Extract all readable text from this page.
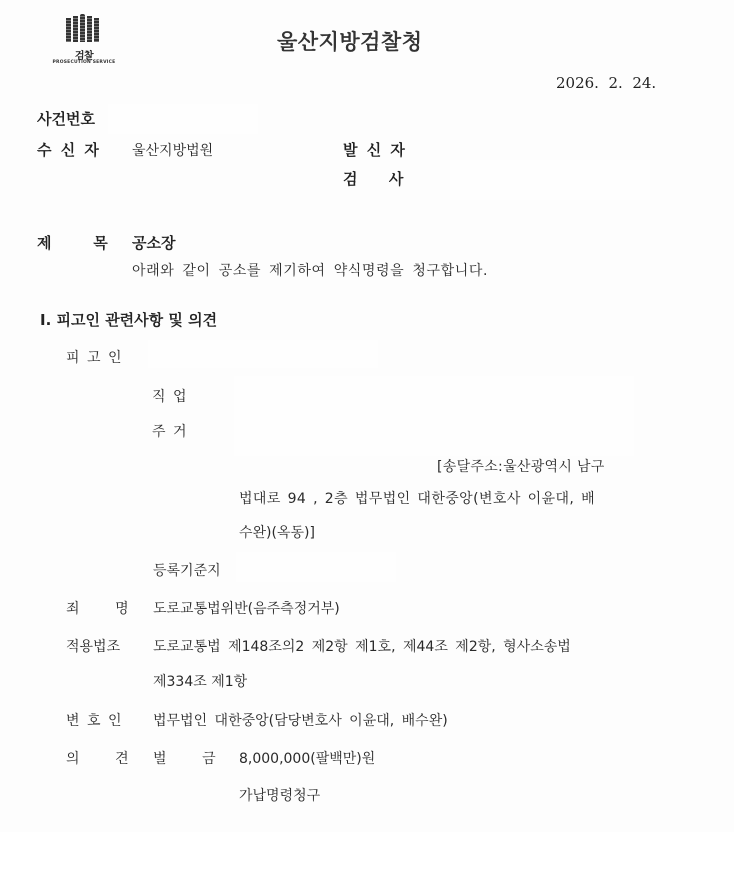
검찰
PROSECUTION SERVICE
울산지방검찰청
2026.  2.  24.
사건번호
수 신 자 울산지방법원	발 신 자
검      사
제        목 공소장
아래와 같이 공소를 제기하여 약식명령을 청구합니다.
Ⅰ. 피고인 관련사항 및 의견
피 고 인
직 업
주 거
[송달주소:울산광역시 남구
법대로 94 , 2층 법무법인 대한중앙(변호사 이윤대, 배
수완)(옥동)]
등록기준지
죄        명 도로교통법위반(음주측정거부)
적용법조 도로교통법 제148조의2 제2항 제1호, 제44조 제2항, 형사소송법
제334조 제1항
변 호 인 법무법인 대한중앙(담당변호사 이윤대, 배수완)
의        견 벌        금 8,000,000(팔백만)원
가납명령청구
